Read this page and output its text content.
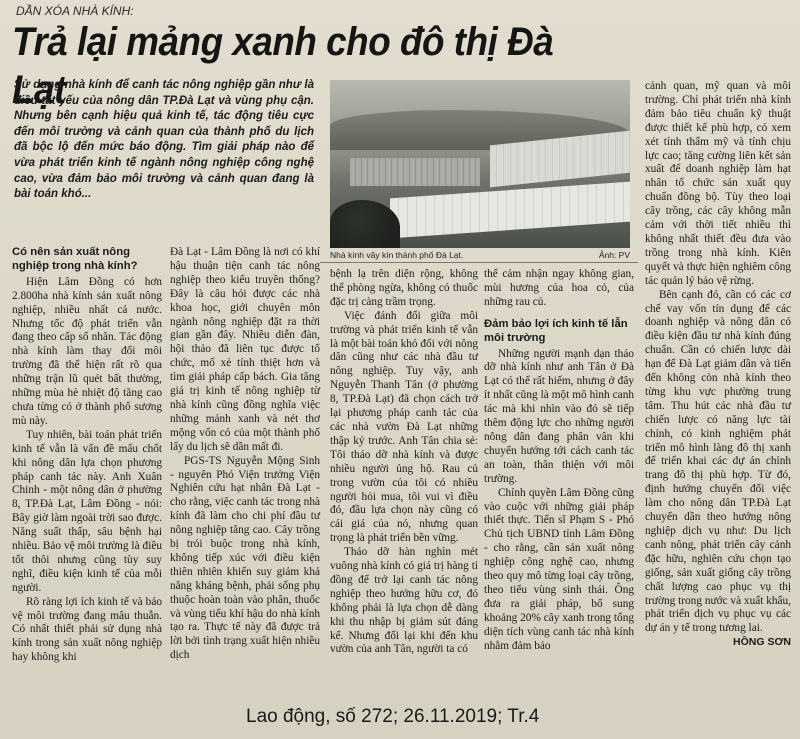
DẦN XÓA NHÀ KÍNH:
Trả lại mảng xanh cho đô thị Đà Lạt
Sử dụng nhà kính để canh tác nông nghiệp gần như là điều tất yếu của nông dân TP.Đà Lạt và vùng phụ cận. Nhưng bên cạnh hiệu quả kinh tế, tác động tiêu cực đến môi trường và cảnh quan của thành phố du lịch đã bộc lộ đến mức báo động. Tìm giải pháp nào để vừa phát triển kinh tế ngành nông nghiệp công nghệ cao, vừa đảm bảo môi trường và cảnh quan đang là bài toán khó...
Nhà kính vây kín thành phố Đà Lạt.	Ảnh: PV
Có nên sản xuất nông nghiệp trong nhà kính?

Hiện Lâm Đồng có hơn 2.800ha nhà kính sản xuất nông nghiệp, nhiều nhất cả nước. Nhưng tốc độ phát triển vẫn đang theo cấp số nhân. Tác động nhà kính làm thay đổi môi trường đã thể hiện rất rõ qua những trận lũ quét bất thường, những mùa hè nhiệt độ tăng cao chưa từng có ở thành phố sương mù này.

Tuy nhiên, bài toán phát triển kinh tế vẫn là vấn đề mấu chốt khi nông dân lựa chọn phương pháp canh tác này. Anh Xuân Chinh - một nông dân ở phường 8, TP.Đà Lạt, Lâm Đồng - nói: Bây giờ làm ngoài trời sao được. Năng suất thấp, sâu bệnh hại nhiều. Bảo vệ môi trường là điều tốt thôi nhưng cũng tùy suy nghĩ, điều kiện kinh tế của mỗi người.

Rõ ràng lợi ích kinh tế và bảo vệ môi trường đang mâu thuẫn. Có nhất thiết phải sử dụng nhà kính trong sản xuất nông nghiệp hay không khi

Đà Lạt - Lâm Đồng là nơi có khí hậu thuận tiện canh tác nông nghiệp theo kiểu truyền thống? Đây là câu hỏi được các nhà khoa học, giới chuyên môn ngành nông nghiệp đặt ra thời gian gần đây. Nhiều diễn đàn, hội thảo đã liên tục được tổ chức, mổ xẻ tính thiệt hơn và tìm giải pháp cấp bách. Gia tăng giá trị kinh tế nông nghiệp từ nhà kính cũng đồng nghĩa việc những mảnh xanh và nét thơ mộng vốn có của một thành phố lấy du lịch sẽ dần mất đi.

PGS-TS Nguyễn Mộng Sinh - nguyên Phó Viện trưởng Viện Nghiên cứu hạt nhân Đà Lạt - cho rằng, việc canh tác trong nhà kính đã làm cho chi phí đầu tư nông nghiệp tăng cao. Cây trồng bị trói buộc trong nhà kính, không tiếp xúc với điều kiện thiên nhiên khiến suy giảm khả năng kháng bệnh, phải sống phụ thuộc hoàn toàn vào phân, thuốc và vùng tiểu khí hậu do nhà kính tạo ra. Thực tế này đã được trả lời bởi tình trạng xuất hiện nhiều dịch

bệnh lạ trên diện rộng, không thể phòng ngừa, không có thuốc đặc trị càng trầm trọng.

Việc đánh đổi giữa môi trường và phát triển kinh tế vẫn là một bài toán khó đối với nông dân cũng như các nhà đầu tư nông nghiệp. Tuy vậy, anh Nguyễn Thanh Tân (ở phường 8, TP.Đà Lạt) đã chọn cách trở lại phương pháp canh tác của các nhà vườn Đà Lạt những thập kỷ trước. Anh Tân chia sẻ: Tôi tháo dỡ nhà kính và được nhiều người ủng hộ. Rau củ trong vườn của tôi có nhiều người hỏi mua, tôi vui vì điều đó, đầu lựa chọn này cũng có cái giá của nó, nhưng quan trọng là phát triển bền vững.

Tháo dỡ hàn nghìn mét vuông nhà kính có giá trị hàng tỉ đồng để trở lại canh tác nông nghiệp theo hướng hữu cơ, đó không phải là lựa chọn dễ dàng khi thu nhập bị giảm sút đáng kể. Nhưng đổi lại khi đến khu vườn của anh Tân, người ta có

thể cảm nhận ngay không gian, mùi hương của hoa cỏ, của những rau củ.

Đảm bảo lợi ích kinh tế lẫn môi trường

Những người mạnh dạn tháo dỡ nhà kính như anh Tân ở Đà Lạt có thể rất hiếm, nhưng ở đây ít nhất cũng là một mô hình canh tác mà khi nhìn vào đó sẽ tiếp thêm động lực cho những người nông dân đang phân vân khi chuyển hướng tới cách canh tác an toàn, thân thiện với môi trường.

Chính quyền Lâm Đồng cũng vào cuộc với những giải pháp thiết thực. Tiến sĩ Phạm S - Phó Chủ tịch UBND tỉnh Lâm Đồng - cho rằng, cần sản xuất nông nghiệp công nghệ cao, nhưng theo quy mô từng loại cây trồng, theo tiểu vùng sinh thái. Ông đưa ra giải pháp, bổ sung khoảng 20% cây xanh trong tổng diện tích vùng canh tác nhà kính nhằm đảm bảo

cảnh quan, mỹ quan và môi trường. Chỉ phát triển nhà kính đảm bảo tiêu chuẩn kỹ thuật được thiết kế phù hợp, có xem xét tính thẩm mỹ và tính chịu lực cao; tăng cường liên kết sản xuất để doanh nghiệp làm hạt nhân tổ chức sản xuất quy chuẩn đồng bộ. Tùy theo loại cây trồng, các cây không mẫn cảm với thời tiết nhiều thì không nhất thiết đều đưa vào trồng trong nhà kính. Kiên quyết và thực hiện nghiêm công tác quản lý bảo vệ rừng.

Bên cạnh đó, cần có các cơ chế vay vốn tín dụng để các doanh nghiệp và nông dân có điều kiện đầu tư nhà kính đúng chuẩn. Cần có chiến lược dài hạn để Đà Lạt giảm dần và tiến đến không còn nhà kính theo từng khu vực phường trung tâm. Thu hút các nhà đầu tư chiến lược có năng lực tài chính, có kinh nghiệm phát triển mô hình làng đô thị xanh để triển khai các dự án chỉnh trang đô thị phù hợp. Từ đó, định hướng chuyển đổi việc làm cho nông dân TP.Đà Lạt chuyển dần theo hướng nông nghiệp dịch vụ như: Du lịch canh nông, phát triển cây cảnh đặc hữu, nghiên cứu chọn tạo giống, sản xuất giống cây trồng chất lượng cao phục vụ thị trường trong nước và xuất khẩu, phát triển dịch vụ phục vụ các dự án y tế trong tương lai.

HỒNG SƠN
Lao động, số 272; 26.11.2019; Tr.4
